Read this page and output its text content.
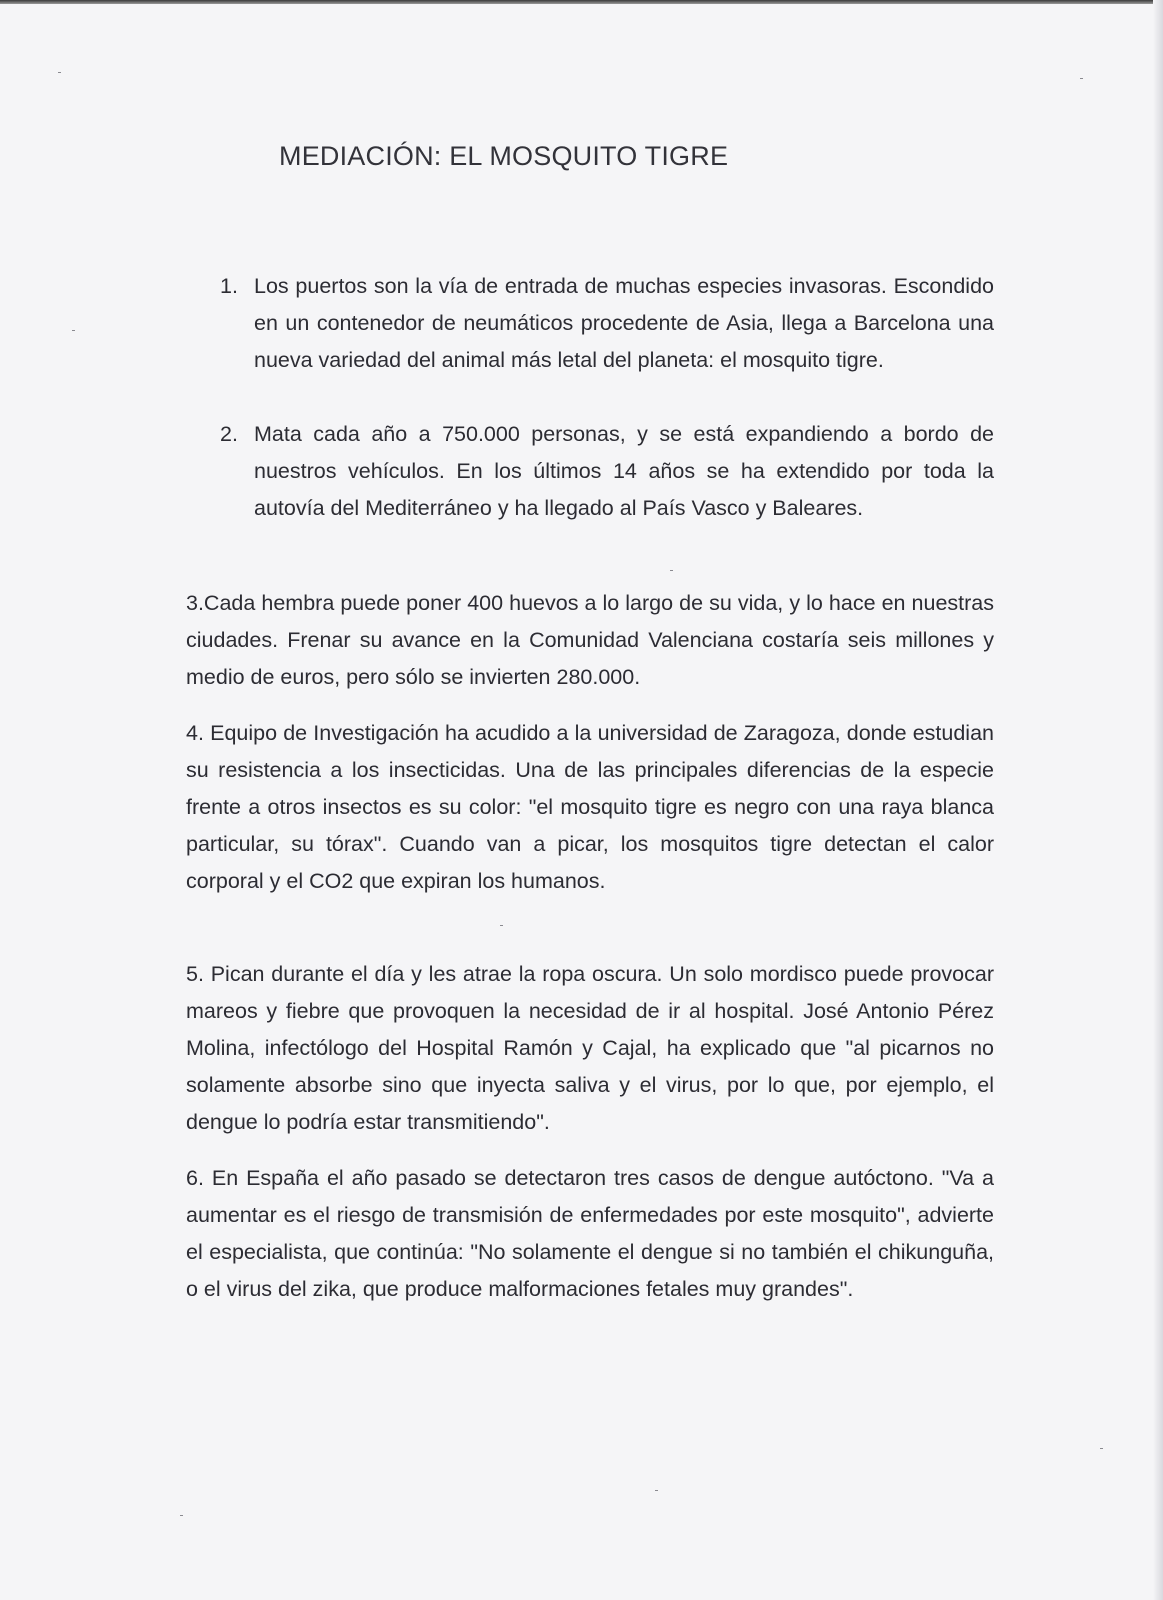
MEDIACIÓN: EL MOSQUITO TIGRE
1. Los puertos son la vía de entrada de muchas especies invasoras. Escondido en un contenedor de neumáticos procedente de Asia, llega a Barcelona una nueva variedad del animal más letal del planeta: el mosquito tigre.
2. Mata cada año a 750.000 personas, y se está expandiendo a bordo de nuestros vehículos. En los últimos 14 años se ha extendido por toda la autovía del Mediterráneo y ha llegado al País Vasco y Baleares.
3.Cada hembra puede poner 400 huevos a lo largo de su vida, y lo hace en nuestras ciudades. Frenar su avance en la Comunidad Valenciana costaría seis millones y medio de euros, pero sólo se invierten 280.000.
4. Equipo de Investigación ha acudido a la universidad de Zaragoza, donde estudian su resistencia a los insecticidas. Una de las principales diferencias de la especie frente a otros insectos es su color: "el mosquito tigre es negro con una raya blanca particular, su tórax". Cuando van a picar, los mosquitos tigre detectan el calor corporal y el CO2 que expiran los humanos.
5. Pican durante el día y les atrae la ropa oscura. Un solo mordisco puede provocar mareos y fiebre que provoquen la necesidad de ir al hospital. José Antonio Pérez Molina, infectólogo del Hospital Ramón y Cajal, ha explicado que "al picarnos no solamente absorbe sino que inyecta saliva y el virus, por lo que, por ejemplo, el dengue lo podría estar transmitiendo".
6. En España el año pasado se detectaron tres casos de dengue autóctono. "Va a aumentar es el riesgo de transmisión de enfermedades por este mosquito", advierte el especialista, que continúa: "No solamente el dengue si no también el chikunguña, o el virus del zika, que produce malformaciones fetales muy grandes".
